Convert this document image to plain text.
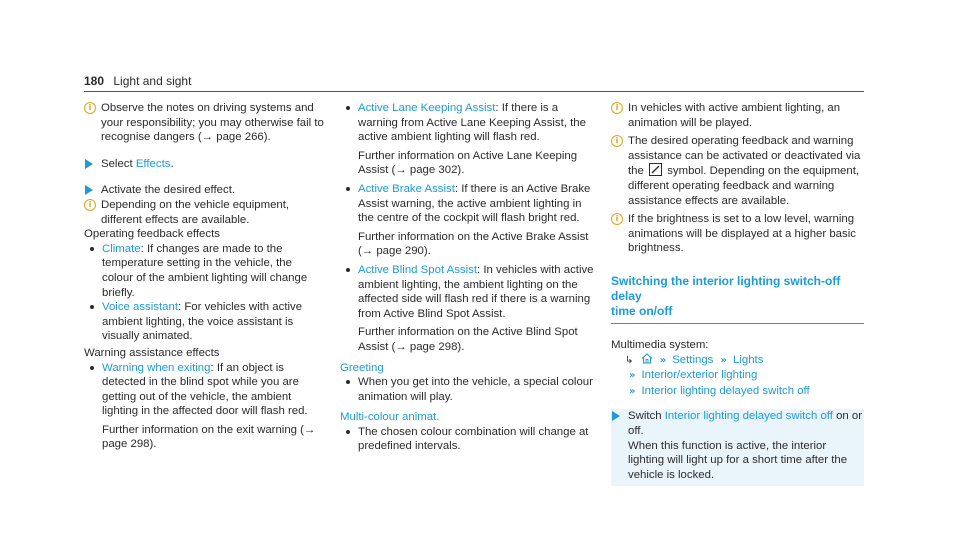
180 Light and sight
i Observe the notes on driving systems and your responsibility; you may otherwise fail to recognise dangers (→ page 266).
Select Effects.
Activate the desired effect.
i Depending on the vehicle equipment, different effects are available.
Operating feedback effects
Climate: If changes are made to the temperature setting in the vehicle, the colour of the ambient lighting will change briefly.
Voice assistant: For vehicles with active ambient lighting, the voice assistant is visually animated.
Warning assistance effects
Warning when exiting: If an object is detected in the blind spot while you are getting out of the vehicle, the ambient lighting in the affected door will flash red.
Further information on the exit warning (→ page 298).
Active Lane Keeping Assist: If there is a warning from Active Lane Keeping Assist, the active ambient lighting will flash red.
Further information on Active Lane Keeping Assist (→ page 302).
Active Brake Assist: If there is an Active Brake Assist warning, the active ambient lighting in the centre of the cockpit will flash bright red.
Further information on the Active Brake Assist (→ page 290).
Active Blind Spot Assist: In vehicles with active ambient lighting, the ambient lighting on the affected side will flash red if there is a warning from Active Blind Spot Assist.
Further information on the Active Blind Spot Assist (→ page 298).
Greeting
When you get into the vehicle, a special colour animation will play.
Multi-colour animat.
The chosen colour combination will change at predefined intervals.
i In vehicles with active ambient lighting, an animation will be played.
i The desired operating feedback and warning assistance can be activated or deactivated via the symbol. Depending on the equipment, different operating feedback and warning assistance effects are available.
i If the brightness is set to a low level, warning animations will be displayed at a higher basic brightness.
Switching the interior lighting switch-off delay
time on/off
Multimedia system:
↳	» Settings » Lights
» Interior/exterior lighting
» Interior lighting delayed switch off
Switch Interior lighting delayed switch off on or off.
When this function is active, the interior lighting will light up for a short time after the vehicle is locked.
